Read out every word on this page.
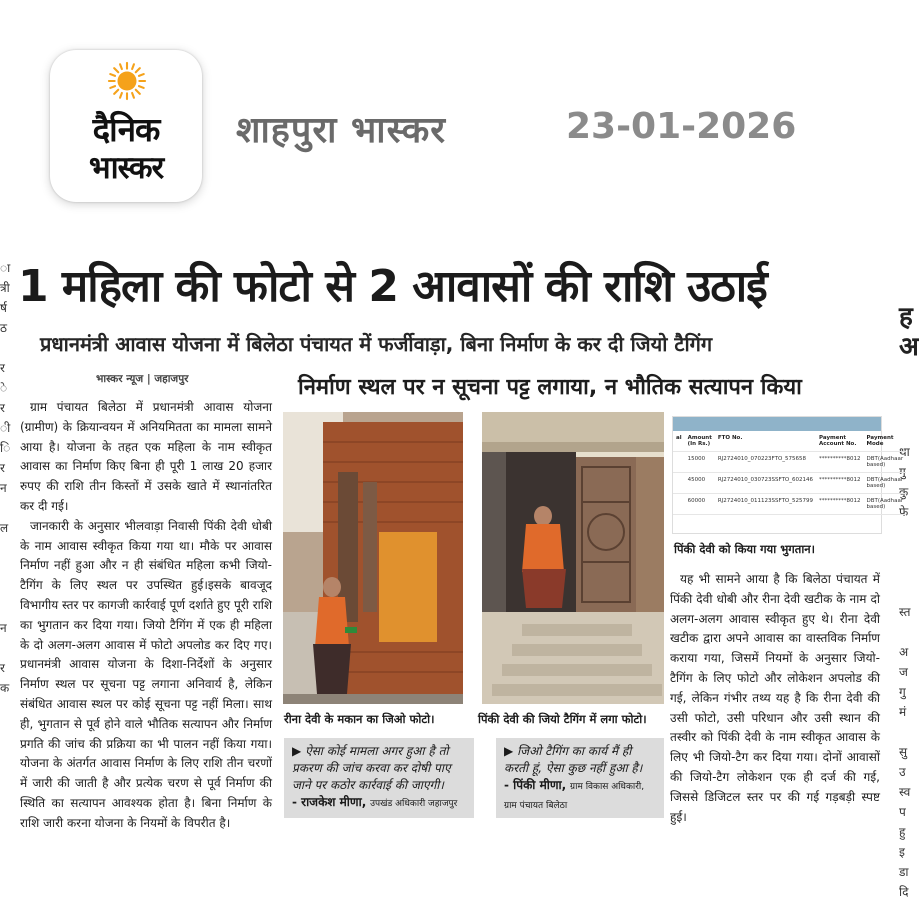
ा
त्री
र्ष
ठ

र
े
र
ी
ि
र
न

ल

न

र
क
दैनिक
भास्कर
शाहपुरा भास्कर	23-01-2026
1 महिला की फोटो से 2 आवासों की राशि उठाई
प्रधानमंत्री आवास योजना में बिलेठा पंचायत में फर्जीवाड़ा, बिना निर्माण के कर दी जियो टैगिंग
निर्माण स्थल पर न सूचना पट्ट लगाया, न भौतिक सत्यापन किया

ह
अ

था
गु
कु
फे

स्त

अ
ज
गु
मं

सु
उ
स्व
प
हु
इ
डा
दि

भास्कर न्यूज | जहाजपुर

ग्राम पंचायत बिलेठा में प्रधानमंत्री आवास योजना (ग्रामीण) के क्रियान्वयन में अनियमितता का मामला सामने आया है। योजना के तहत एक महिला के नाम स्वीकृत आवास का निर्माण किए बिना ही पूरी 1 लाख 20 हजार रुपए की राशि तीन किस्तों में उसके खाते में स्थानांतरित कर दी गई।

जानकारी के अनुसार भीलवाड़ा निवासी पिंकी देवी धोबी के नाम आवास स्वीकृत किया गया था। मौके पर आवास निर्माण नहीं हुआ और न ही संबंधित महिला कभी जियो-टैगिंग के लिए स्थल पर उपस्थित हुई।इसके बावजूद विभागीय स्तर पर कागजी कार्रवाई पूर्ण दर्शाते हुए पूरी राशि का भुगतान कर दिया गया। जियो टैगिंग में एक ही महिला के दो अलग-अलग आवास में फोटो अपलोड कर दिए गए। प्रधानमंत्री आवास योजना के दिशा-निर्देशों के अनुसार निर्माण स्थल पर सूचना पट्ट लगाना अनिवार्य है, लेकिन संबंधित आवास स्थल पर कोई सूचना पट्ट नहीं मिला। साथ ही, भुगतान से पूर्व होने वाले भौतिक सत्यापन और निर्माण प्रगति की जांच की प्रक्रिया का भी पालन नहीं किया गया। योजना के अंतर्गत आवास निर्माण के लिए राशि तीन चरणों में जारी की जाती है और प्रत्येक चरण से पूर्व निर्माण की स्थिति का सत्यापन आवश्यक होता है। बिना निर्माण के राशि जारी करना योजना के नियमों के विपरीत है।

रीना देवी के मकान का जिओ फोटो।	पिंकी देवी की जियो टैगिंग में लगा फोटो।
al	Amount (In Rs.)	FTO No.	Payment Account No.	Payment Mode
	15000	RJ2724010_070223FTO_575658	**********8012	DBT(Aadhaar based)
	45000	RJ2724010_030723SSFTO_602146	**********8012	DBT(Aadhaar based)
	60000	RJ2724010_011123SSFTO_525799	**********8012	DBT(Aadhaar based)
पिंकी देवी को किया गया भुगतान।

यह भी सामने आया है कि बिलेठा पंचायत में पिंकी देवी धोबी और रीना देवी खटीक के नाम दो अलग-अलग आवास स्वीकृत हुए थे। रीना देवी खटीक द्वारा अपने आवास का वास्तविक निर्माण कराया गया, जिसमें नियमों के अनुसार जियो-टैगिंग के लिए फोटो और लोकेशन अपलोड की गई, लेकिन गंभीर तथ्य यह है कि रीना देवी की उसी फोटो, उसी परिधान और उसी स्थान की तस्वीर को पिंकी देवी के नाम स्वीकृत आवास के लिए भी जियो-टैग कर दिया गया। दोनों आवासों की जियो-टैग लोकेशन एक ही दर्ज की गई, जिससे डिजिटल स्तर पर की गई गड़बड़ी स्पष्ट हुई।

▶ ऐसा कोई मामला अगर हुआ है तो प्रकरण की जांच करवा कर दोषी पाए जाने पर कठोर कार्रवाई की जाएगी।
- राजकेश मीणा, उपखंड अधिकारी जहाजपुर
▶ जिओ टैगिंग का कार्य मैं ही करती हूं, ऐसा कुछ नहीं हुआ है।
- पिंकी मीणा, ग्राम विकास अधिकारी, ग्राम पंचायत बिलेठा
